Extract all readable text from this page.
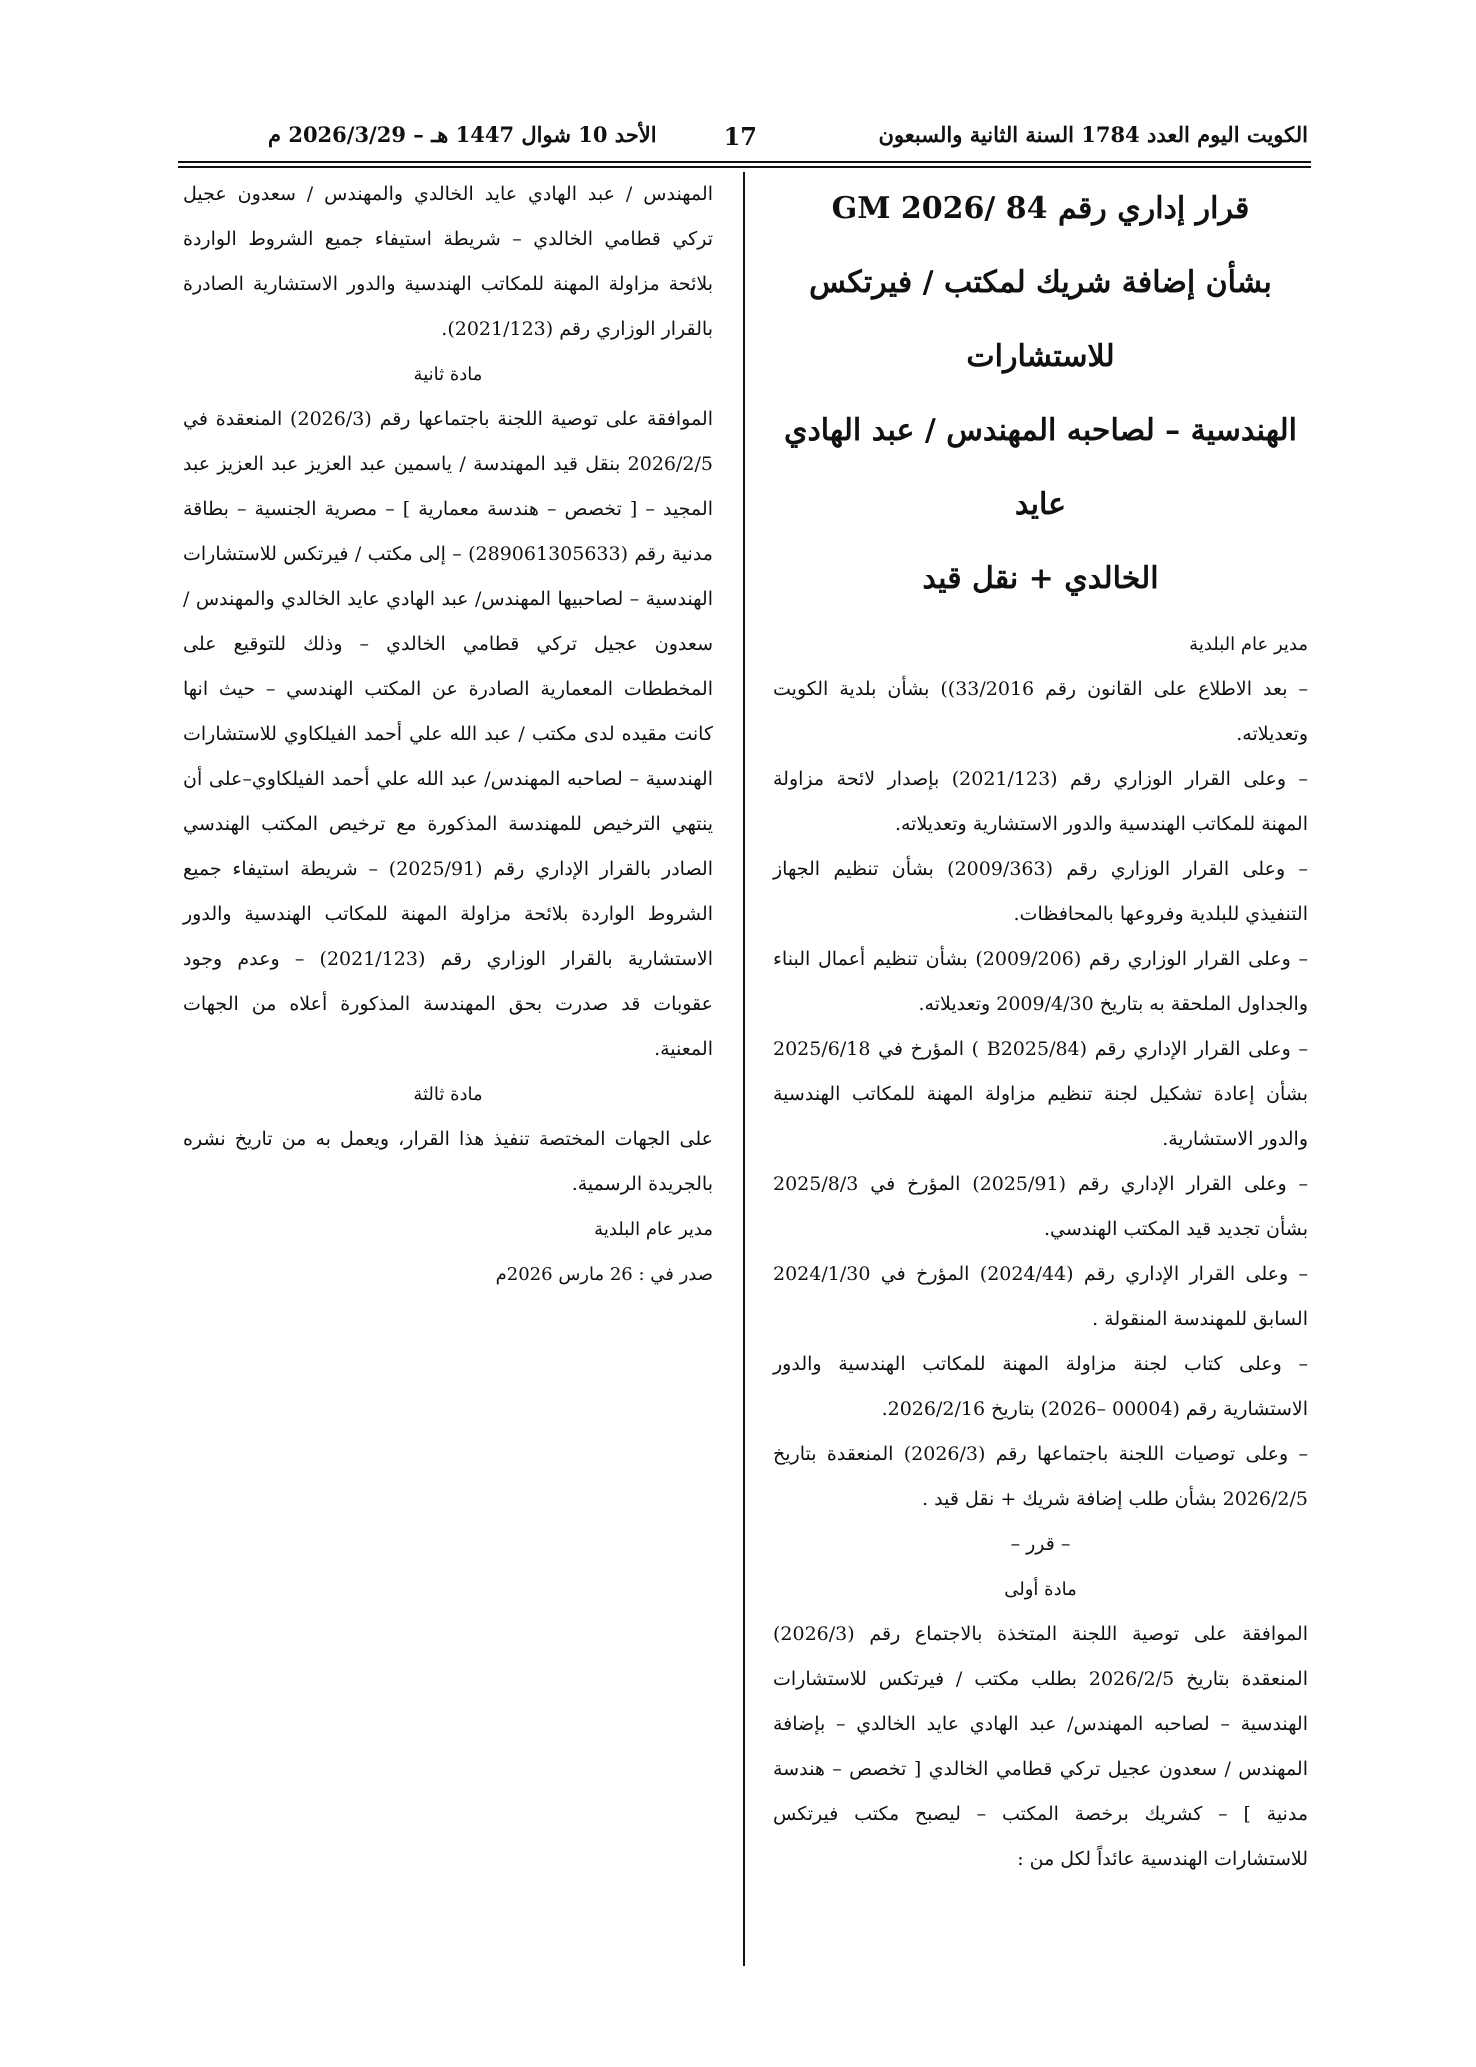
الكويت اليوم العدد 1784 السنة الثانية والسبعون
17
الأحد 10 شوال 1447 هـ – 2026/3/29 م
قرار إداري رقم 84 /2026 GM
بشأن إضافة شريك لمكتب / فيرتكس للاستشارات
الهندسية – لصاحبه المهندس / عبد الهادي عايد
الخالدي + نقل قيد

مدير عام البلدية

– بعد الاطلاع على القانون رقم 33/2016)) بشأن بلدية الكويت وتعديلاته.

– وعلى القرار الوزاري رقم (2021/123) بإصدار لائحة مزاولة المهنة للمكاتب الهندسية والدور الاستشارية وتعديلاته.

– وعلى القرار الوزاري رقم (2009/363) بشأن تنظيم الجهاز التنفيذي للبلدية وفروعها بالمحافظات.

– وعلى القرار الوزاري رقم (2009/206) بشأن تنظيم أعمال البناء والجداول الملحقة به بتاريخ 2009/4/30 وتعديلاته.

– وعلى القرار الإداري رقم (B2025/84 ) المؤرخ في 2025/6/18 بشأن إعادة تشكيل لجنة تنظيم مزاولة المهنة للمكاتب الهندسية والدور الاستشارية.

– وعلى القرار الإداري رقم (2025/91) المؤرخ في 2025/8/3 بشأن تجديد قيد المكتب الهندسي.

– وعلى القرار الإداري رقم (2024/44) المؤرخ في 2024/1/30 السابق للمهندسة المنقولة .

– وعلى كتاب لجنة مزاولة المهنة للمكاتب الهندسية والدور الاستشارية رقم (00004 –2026) بتاريخ 2026/2/16.

– وعلى توصيات اللجنة باجتماعها رقم (2026/3) المنعقدة بتاريخ 2026/2/5 بشأن طلب إضافة شريك + نقل قيد .

– قرر –

مادة أولى

الموافقة على توصية اللجنة المتخذة بالاجتماع رقم (2026/3) المنعقدة بتاريخ 2026/2/5 بطلب مكتب / فيرتكس للاستشارات الهندسية – لصاحبه المهندس/ عبد الهادي عايد الخالدي – بإضافة المهندس / سعدون عجيل تركي قطامي الخالدي [ تخصص – هندسة مدنية ] – كشريك برخصة المكتب – ليصبح مكتب فيرتكس للاستشارات الهندسية عائداً لكل من :

المهندس / عبد الهادي عايد الخالدي والمهندس / سعدون عجيل تركي قطامي الخالدي – شريطة استيفاء جميع الشروط الواردة بلائحة مزاولة المهنة للمكاتب الهندسية والدور الاستشارية الصادرة بالقرار الوزاري رقم (2021/123).

مادة ثانية

الموافقة على توصية اللجنة باجتماعها رقم (2026/3) المنعقدة في 2026/2/5 بنقل قيد المهندسة / ياسمين عبد العزيز عبد العزيز عبد المجيد – [ تخصص – هندسة معمارية ] – مصرية الجنسية – بطاقة مدنية رقم (289061305633) – إلى مكتب / فيرتكس للاستشارات الهندسية – لصاحبيها المهندس/ عبد الهادي عايد الخالدي والمهندس / سعدون عجيل تركي قطامي الخالدي – وذلك للتوقيع على المخططات المعمارية الصادرة عن المكتب الهندسي – حيث انها كانت مقيده لدى مكتب / عبد الله علي أحمد الفيلكاوي للاستشارات الهندسية – لصاحبه المهندس/ عبد الله علي أحمد الفيلكاوي–على أن ينتهي الترخيص للمهندسة المذكورة مع ترخيص المكتب الهندسي الصادر بالقرار الإداري رقم (2025/91) – شريطة استيفاء جميع الشروط الواردة بلائحة مزاولة المهنة للمكاتب الهندسية والدور الاستشارية بالقرار الوزاري رقم (2021/123) – وعدم وجود عقوبات قد صدرت بحق المهندسة المذكورة أعلاه من الجهات المعنية.

مادة ثالثة

على الجهات المختصة تنفيذ هذا القرار، ويعمل به من تاريخ نشره بالجريدة الرسمية.

مدير عام البلدية

صدر في : 26 مارس 2026م
